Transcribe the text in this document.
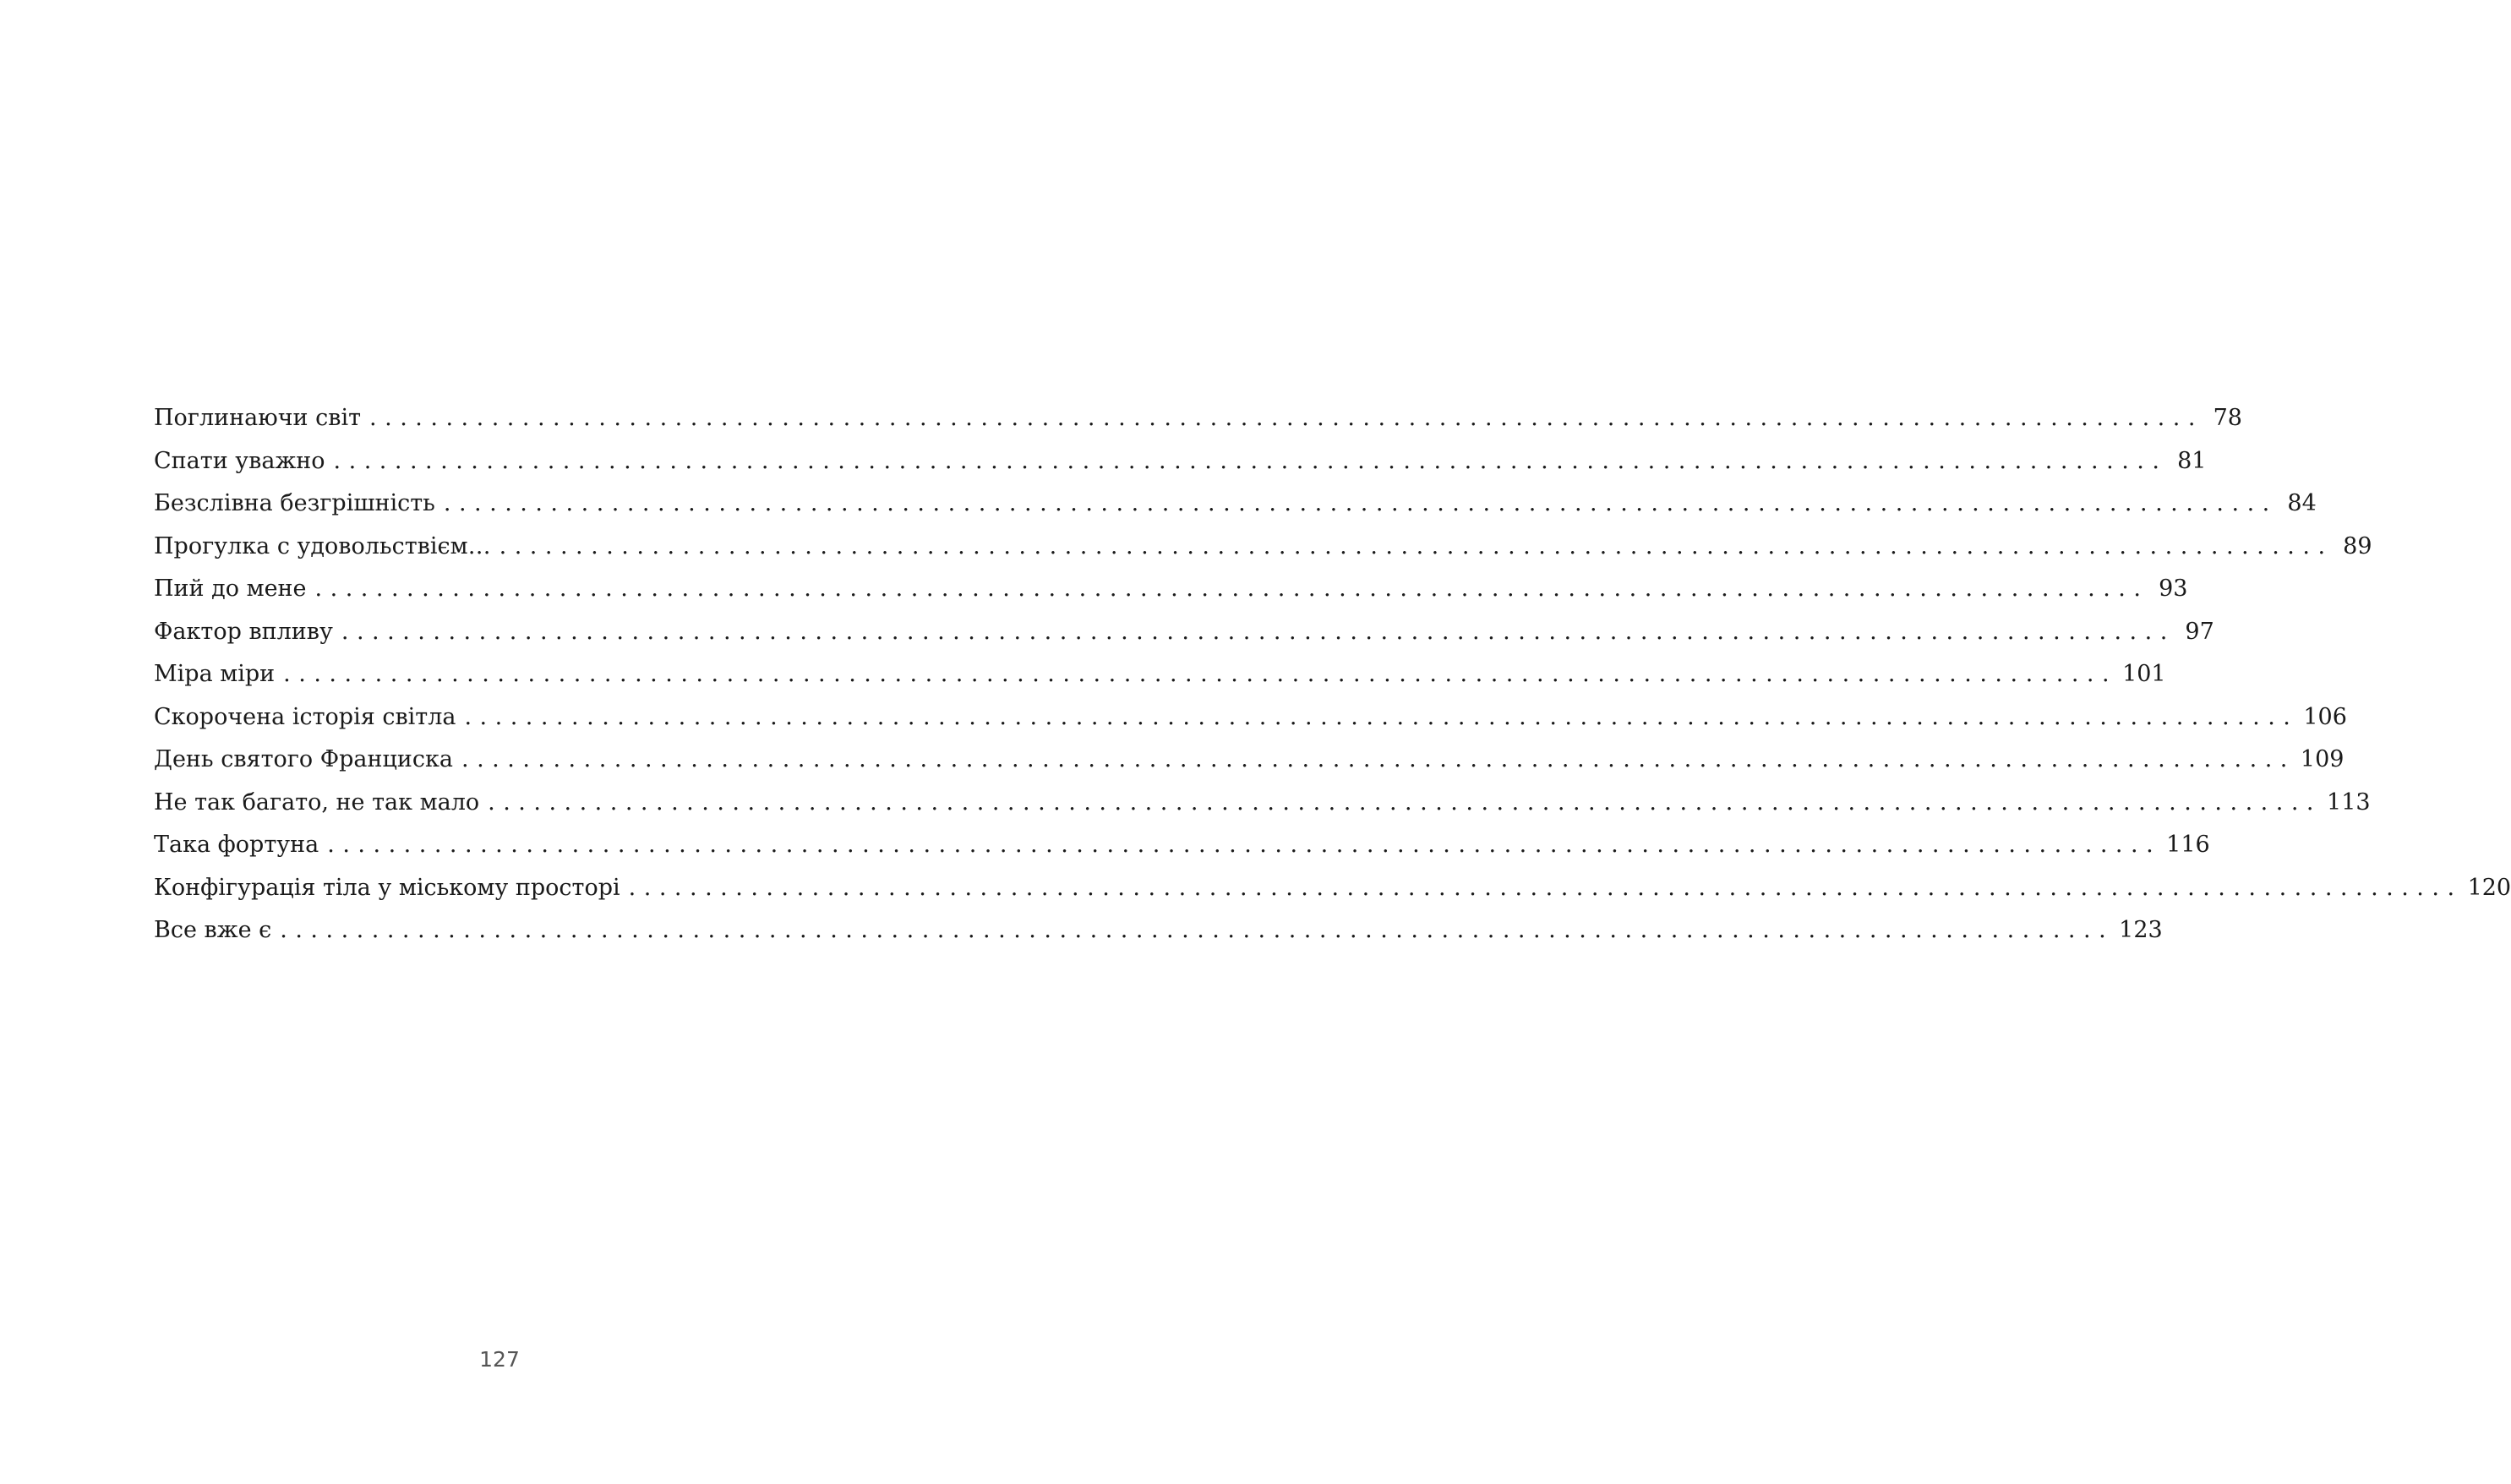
Поглинаючи світ ........................................................................................................................ 78
Спати уважно ........................................................................................................................ 81
Безслівна безгрішність ........................................................................................................................ 84
Прогулка с удовольствієм… ........................................................................................................................ 89
Пий до мене ........................................................................................................................ 93
Фактор впливу ........................................................................................................................ 97
Міра міри ........................................................................................................................ 101
Скорочена історія світла ........................................................................................................................ 106
День святого Франциска ........................................................................................................................ 109
Не так багато, не так мало ........................................................................................................................ 113
Така фортуна ........................................................................................................................ 116
Конфігурація тіла у міському просторі ........................................................................................................................ 120
Все вже є ........................................................................................................................ 123
127
